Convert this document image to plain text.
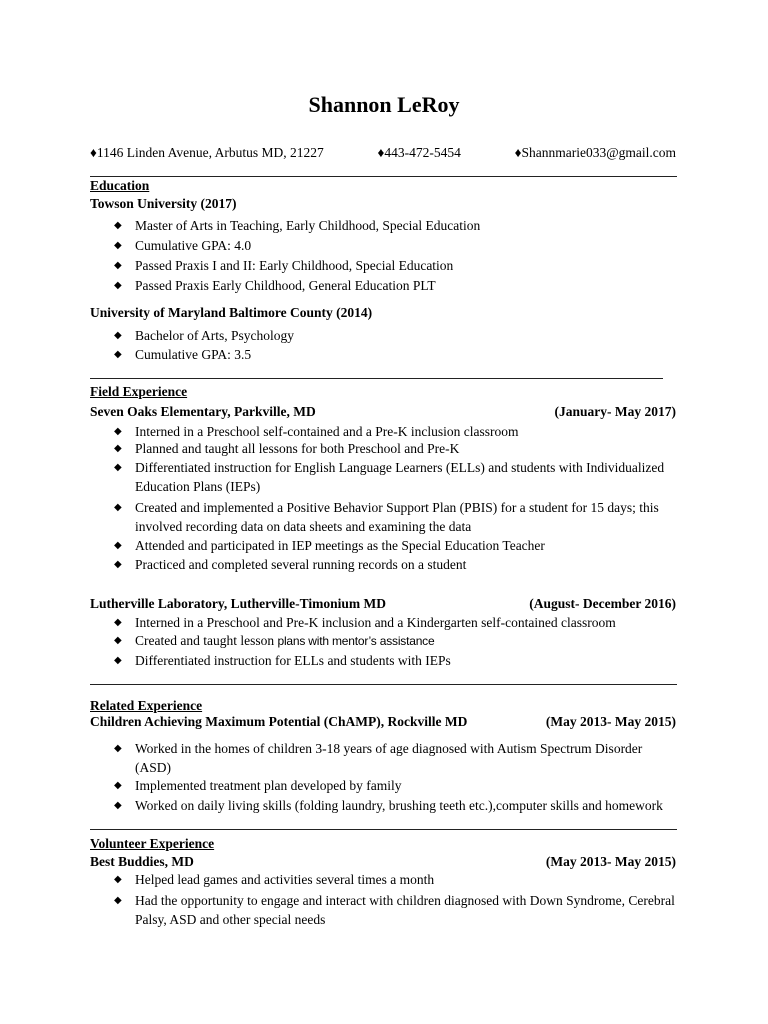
Shannon LeRoy
♦1146 Linden Avenue, Arbutus MD, 21227	♦443-472-5454	♦Shannmarie033@gmail.com
Education
Towson University (2017)
◆ Master of Arts in Teaching, Early Childhood, Special Education
◆ Cumulative GPA: 4.0
◆ Passed Praxis I and II: Early Childhood, Special Education
◆ Passed Praxis Early Childhood, General Education PLT
University of Maryland Baltimore County (2014)
◆ Bachelor of Arts, Psychology
◆ Cumulative GPA: 3.5
Field Experience
Seven Oaks Elementary, Parkville, MD	(January- May 2017)
◆ Interned in a Preschool self-contained and a Pre-K inclusion classroom
◆ Planned and taught all lessons for both Preschool and Pre-K
◆ Differentiated instruction for English Language Learners (ELLs) and students with Individualized Education Plans (IEPs)
◆ Created and implemented a Positive Behavior Support Plan (PBIS) for a student for 15 days; this involved recording data on data sheets and examining the data
◆ Attended and participated in IEP meetings as the Special Education Teacher
◆ Practiced and completed several running records on a student
Lutherville Laboratory, Lutherville-Timonium MD	(August- December 2016)
◆ Interned in a Preschool and Pre-K inclusion and a Kindergarten self-contained classroom
◆ Created and taught lesson plans with mentor’s assistance
◆ Differentiated instruction for ELLs and students with IEPs
Related Experience
Children Achieving Maximum Potential (ChAMP), Rockville MD	(May 2013- May 2015)
◆ Worked in the homes of children 3-18 years of age diagnosed with Autism Spectrum Disorder (ASD)
◆ Implemented treatment plan developed by family
◆ Worked on daily living skills (folding laundry, brushing teeth etc.),computer skills and homework
Volunteer Experience
Best Buddies, MD	(May 2013- May 2015)
◆ Helped lead games and activities several times a month
◆ Had the opportunity to engage and interact with children diagnosed with Down Syndrome, Cerebral Palsy, ASD and other special needs
